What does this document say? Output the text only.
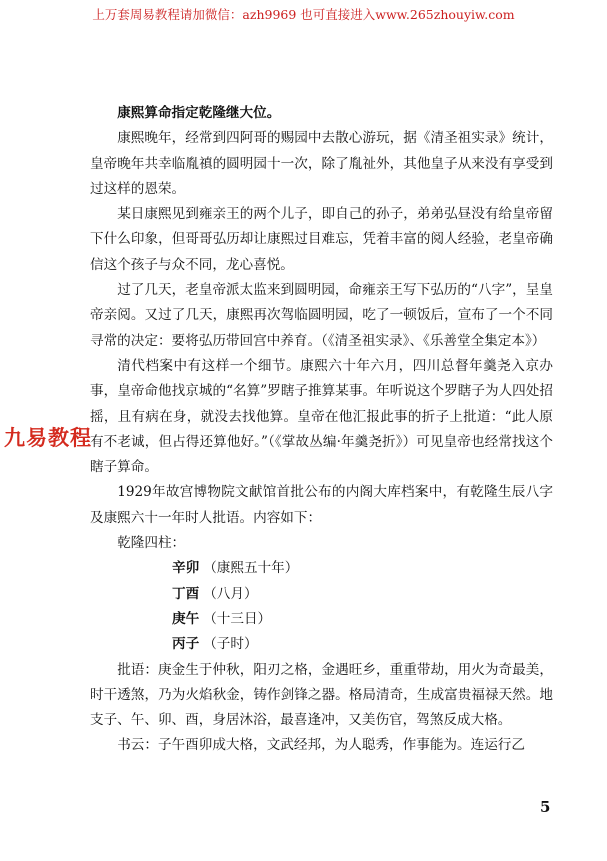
上万套周易教程请加微信：azh9969 也可直接进入www.265zhouyiw.com
九易教程

康熙算命指定乾隆继大位。

康熙晚年，经常到四阿哥的赐园中去散心游玩，据《清圣祖实录》统计，皇帝晚年共幸临胤禛的圆明园十一次，除了胤祉外，其他皇子从来没有享受到过这样的恩荣。

某日康熙见到雍亲王的两个儿子，即自己的孙子，弟弟弘昼没有给皇帝留下什么印象，但哥哥弘历却让康熙过目难忘，凭着丰富的阅人经验，老皇帝确信这个孩子与众不同，龙心喜悦。

过了几天，老皇帝派太监来到圆明园，命雍亲王写下弘历的“八字”，呈皇帝亲阅。又过了几天，康熙再次驾临圆明园，吃了一顿饭后，宣布了一个不同寻常的决定：要将弘历带回宫中养育。（《清圣祖实录》、《乐善堂全集定本》）

清代档案中有这样一个细节。康熙六十年六月，四川总督年羹尧入京办事，皇帝命他找京城的“名算”罗瞎子推算某事。年听说这个罗瞎子为人四处招摇，且有病在身，就没去找他算。皇帝在他汇报此事的折子上批道：“此人原有不老诚，但占得还算他好。”（《掌故丛编·年羹尧折》）可见皇帝也经常找这个瞎子算命。

1929年故宫博物院文献馆首批公布的内阁大库档案中，有乾隆生辰八字及康熙六十一年时人批语。内容如下：

乾隆四柱：

辛卯 （康熙五十年）

丁酉 （八月）

庚午 （十三日）

丙子 （子时）

批语：庚金生于仲秋，阳刃之格，金遇旺乡，重重带劫，用火为奇最美，时干透煞，乃为火焰秋金，铸作剑锋之器。格局清奇，生成富贵福禄天然。地支子、午、卯、酉，身居沐浴，最喜逢冲，又美伤官，驾煞反成大格。

书云：子午酉卯成大格，文武经邦，为人聪秀，作事能为。连运行乙

5
